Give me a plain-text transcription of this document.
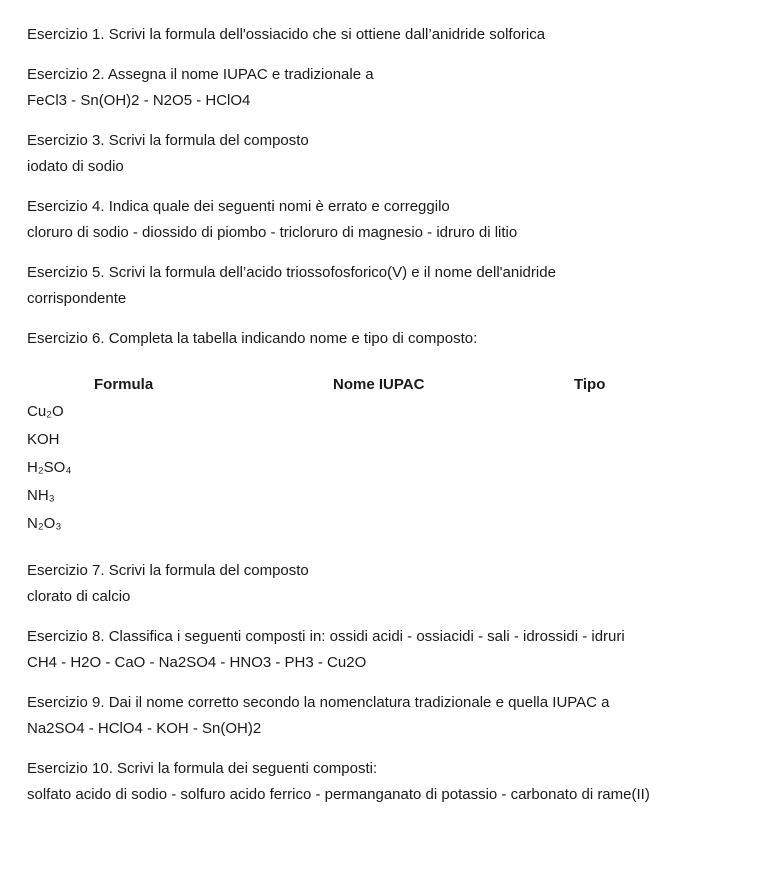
Esercizio 1. Scrivi la formula dell'ossiacido che si ottiene dall’anidride solforica

Esercizio 2. Assegna il nome IUPAC e tradizionale a

FeCl3 - Sn(OH)2 - N2O5 - HClO4

Esercizio 3. Scrivi la formula del composto

iodato di sodio

Esercizio 4. Indica quale dei seguenti nomi è errato e correggilo

cloruro di sodio - diossido di piombo - tricloruro di magnesio - idruro di litio

Esercizio 5. Scrivi la formula dell’acido triossofosforico(V) e il nome dell'anidride corrispondente

Esercizio 6. Completa la tabella indicando nome e tipo di composto:

Formula	Nome IUPAC	Tipo
Cu₂O
KOH
H₂SO₄
NH₃
N₂O₃

Esercizio 7. Scrivi la formula del composto

clorato di calcio

Esercizio 8. Classifica i seguenti composti in: ossidi acidi - ossiacidi - sali - idrossidi - idruri

CH4 - H2O - CaO - Na2SO4 - HNO3 - PH3 - Cu2O

Esercizio 9. Dai il nome corretto secondo la nomenclatura tradizionale e quella IUPAC a

Na2SO4 - HClO4 - KOH - Sn(OH)2

Esercizio 10. Scrivi la formula dei seguenti composti:

solfato acido di sodio - solfuro acido ferrico - permanganato di potassio - carbonato di rame(II)
